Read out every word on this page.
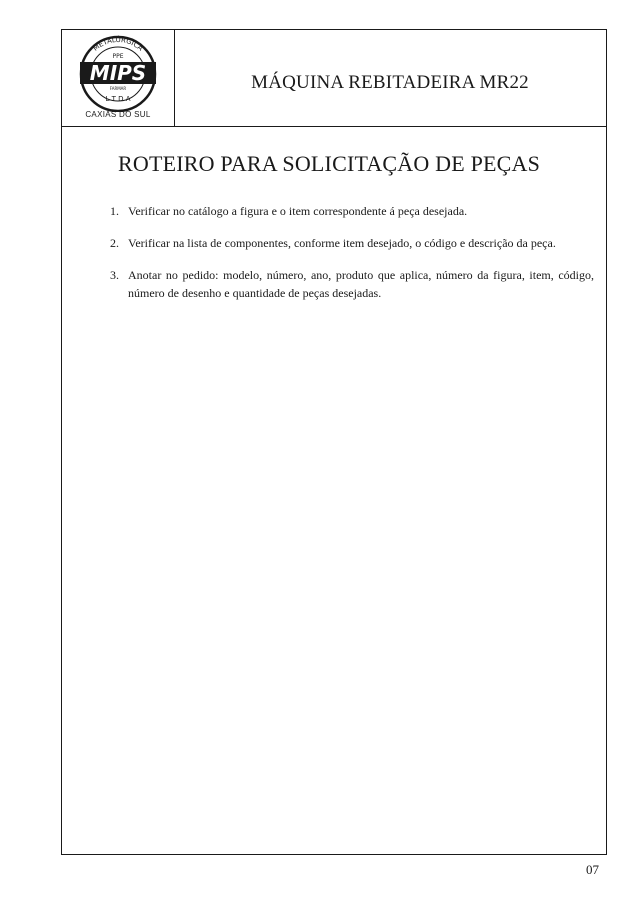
METALÚRGICA
PPE
MIPS
FARMAR
L T D A
CAXIAS DO SUL
MÁQUINA REBITADEIRA MR22
ROTEIRO PARA SOLICITAÇÃO DE PEÇAS
1. Verificar no catálogo a figura e o item correspondente á peça desejada.
2. Verificar na lista de componentes, conforme item desejado, o código e descrição da peça.
3. Anotar no pedido: modelo, número, ano, produto que aplica, número da figura, item, código, número de desenho e quantidade de peças desejadas.
07
